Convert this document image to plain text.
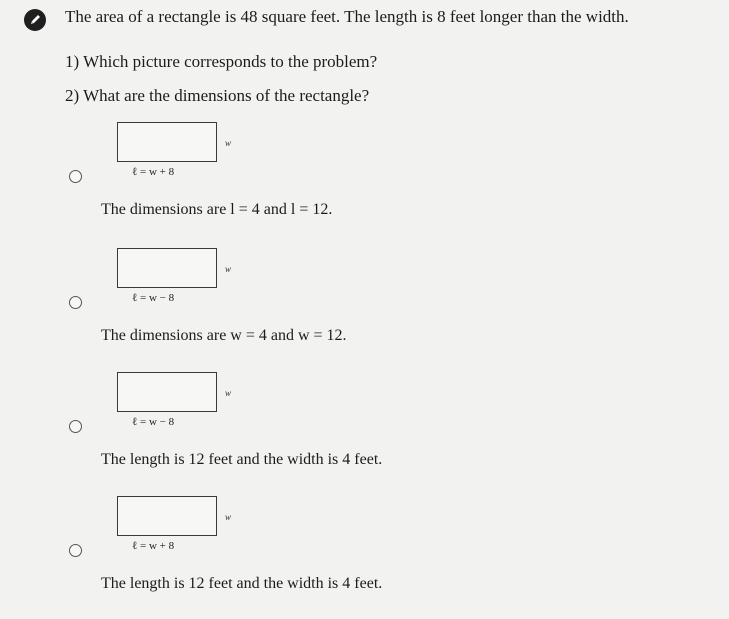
The area of a rectangle is 48 square feet. The length is 8 feet longer than the width.
1) Which picture corresponds to the problem?
2) What are the dimensions of the rectangle?
w
ℓ = w + 8
The dimensions are l = 4 and l = 12.
w
ℓ = w − 8
The dimensions are w = 4 and w = 12.
w
ℓ = w − 8
The length is 12 feet and the width is 4 feet.
w
ℓ = w + 8
The length is 12 feet and the width is 4 feet.
